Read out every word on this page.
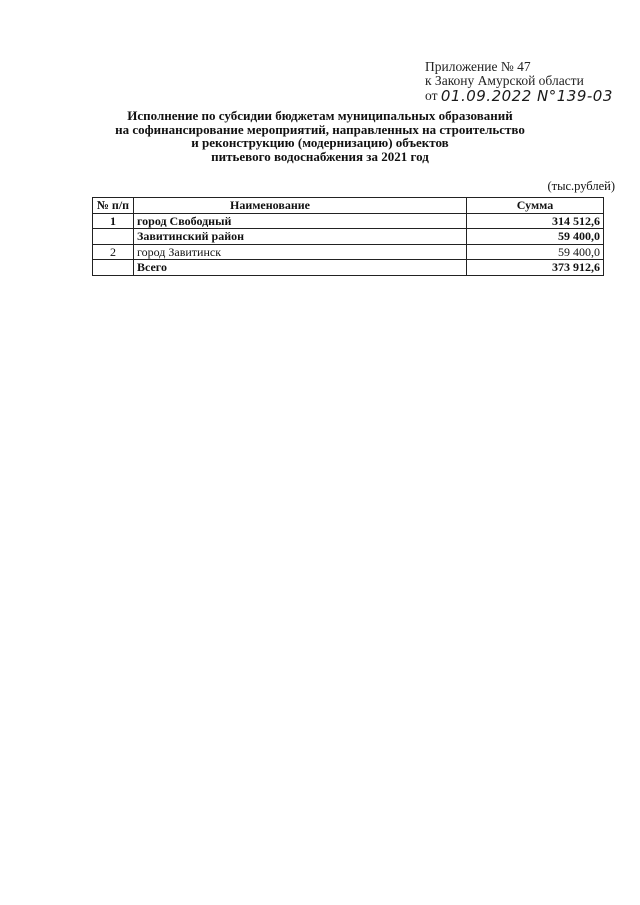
Приложение № 47
к Закону Амурской области
от 01.09.2022 N°139-03
Исполнение по субсидии бюджетам муниципальных образований
на софинансирование мероприятий, направленных на строительство
и реконструкцию (модернизацию) объектов
питьевого водоснабжения за 2021 год
(тыс.рублей)
№ п/п	Наименование	Сумма
1	город Свободный	314 512,6
	Завитинский район	59 400,0
2	город Завитинск	59 400,0
	Всего	373 912,6
